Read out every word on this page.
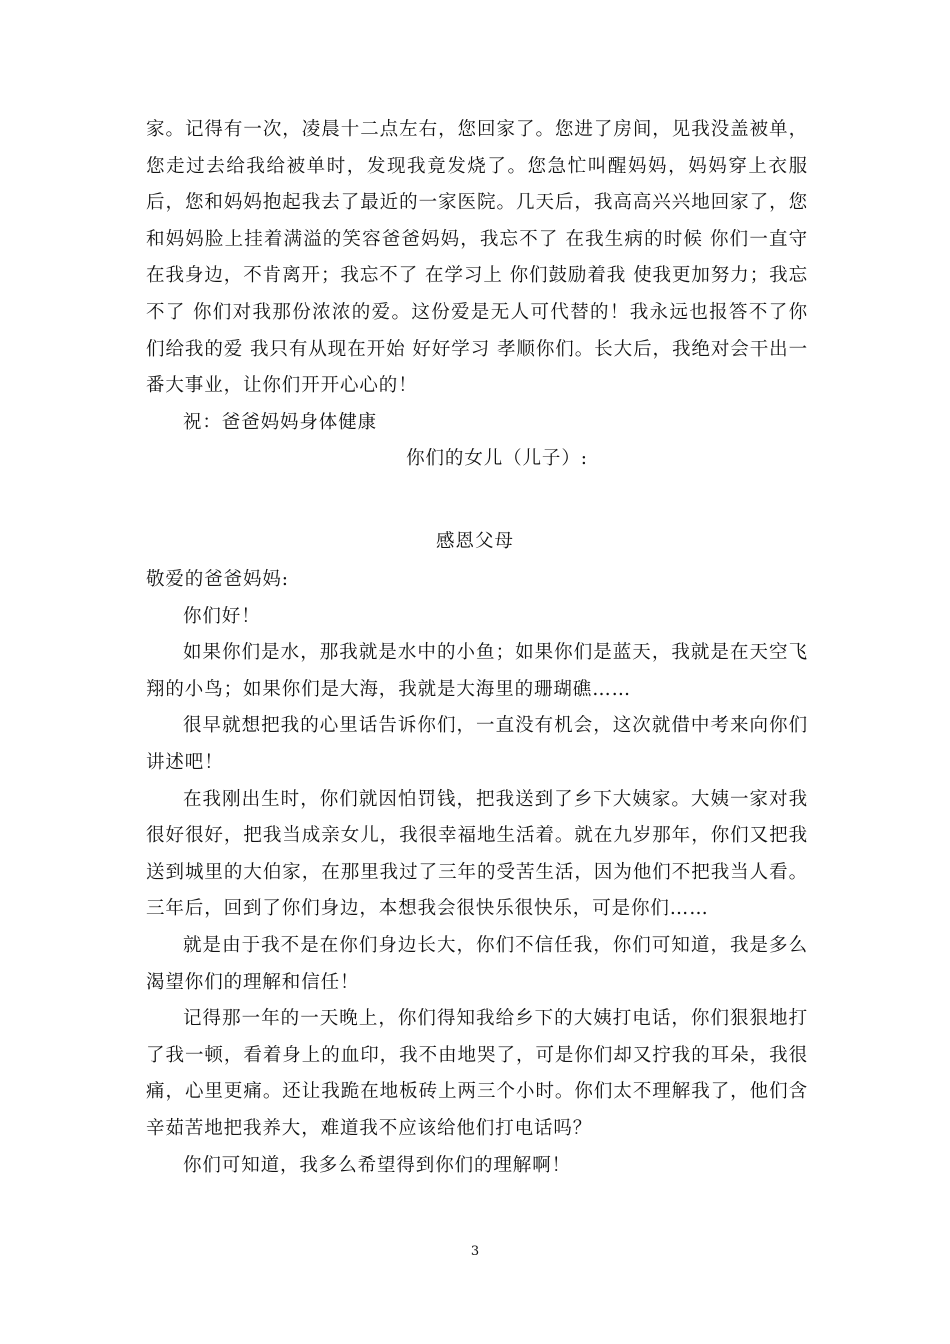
家。记得有一次，凌晨十二点左右，您回家了。您进了房间，见我没盖被单，您走过去给我给被单时，发现我竟发烧了。您急忙叫醒妈妈，妈妈穿上衣服后，您和妈妈抱起我去了最近的一家医院。几天后，我高高兴兴地回家了，您和妈妈脸上挂着满溢的笑容爸爸妈妈，我忘不了 在我生病的时候 你们一直守在我身边，不肯离开；我忘不了 在学习上 你们鼓励着我 使我更加努力；我忘不了 你们对我那份浓浓的爱。这份爱是无人可代替的！我永远也报答不了你们给我的爱 我只有从现在开始 好好学习 孝顺你们。长大后，我绝对会干出一番大事业，让你们开开心心的！

祝：爸爸妈妈身体健康

你们的女儿（儿子）:

感恩父母

敬爱的爸爸妈妈:

你们好！

如果你们是水，那我就是水中的小鱼；如果你们是蓝天，我就是在天空飞翔的小鸟；如果你们是大海，我就是大海里的珊瑚礁……

很早就想把我的心里话告诉你们，一直没有机会，这次就借中考来向你们讲述吧！

在我刚出生时，你们就因怕罚钱，把我送到了乡下大姨家。大姨一家对我很好很好，把我当成亲女儿，我很幸福地生活着。就在九岁那年，你们又把我送到城里的大伯家，在那里我过了三年的受苦生活，因为他们不把我当人看。三年后，回到了你们身边，本想我会很快乐很快乐，可是你们……

就是由于我不是在你们身边长大，你们不信任我，你们可知道，我是多么渴望你们的理解和信任！

记得那一年的一天晚上，你们得知我给乡下的大姨打电话，你们狠狠地打了我一顿，看着身上的血印，我不由地哭了，可是你们却又拧我的耳朵，我很痛，心里更痛。还让我跪在地板砖上两三个小时。你们太不理解我了，他们含辛茹苦地把我养大，难道我不应该给他们打电话吗？

你们可知道，我多么希望得到你们的理解啊！

3
